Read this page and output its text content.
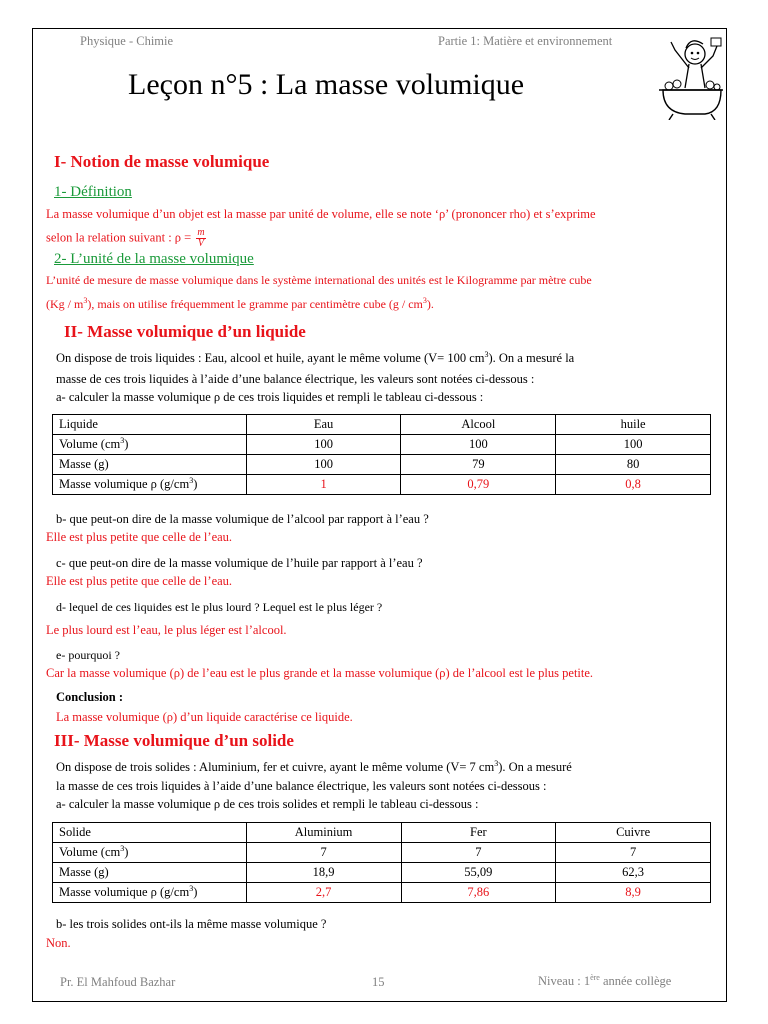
Physique - Chimie	Partie 1: Matière et environnement
Leçon n°5 : La masse volumique
I- Notion de masse volumique
1- Définition
La masse volumique d’un objet est la masse par unité de volume, elle se note ‘ρ’ (prononcer rho) et s’exprime
selon la relation suivant : $\rho = \frac{m}{V}$
2- L’unité de la masse volumique
L’unité de mesure de masse volumique dans le système international des unités est le Kilogramme par mètre cube
$(Kg / m^3)$, mais on utilise fréquemment le gramme par centimètre cube $(g / cm^3)$.
II- Masse volumique d’un liquide
On dispose de trois liquides : Eau, alcool et huile, ayant le même volume (V= 100 $cm^3$). On a mesuré la
masse de ces trois liquides à l’aide d’une balance électrique, les valeurs sont notées ci-dessous :
a- calculer la masse volumique ρ de ces trois liquides et rempli le tableau ci-dessous :
Liquide	Eau	Alcool	huile
Volume $(cm^3)$	100	100	100
Masse (g)	100	79	80
Masse volumique ρ $(g/cm^3)$	1	0,79	0,8
b- que peut-on dire de la masse volumique de l’alcool par rapport à l’eau ?
Elle est plus petite que celle de l’eau.
c- que peut-on dire de la masse volumique de l’huile par rapport à l’eau ?
Elle est plus petite que celle de l’eau.
d- lequel de ces liquides est le plus lourd ? Lequel est le plus léger ?
Le plus lourd est l’eau, le plus léger est l’alcool.
e- pourquoi ?
Car la masse volumique (ρ) de l’eau est le plus grande et la masse volumique (ρ) de l’alcool est le plus petite.
Conclusion :
La masse volumique (ρ) d’un liquide caractérise ce liquide.
III- Masse volumique d’un solide
On dispose de trois solides : Aluminium, fer et cuivre, ayant le même volume (V= 7 $cm^3$). On a mesuré
la masse de ces trois liquides à l’aide d’une balance électrique, les valeurs sont notées ci-dessous :
a- calculer la masse volumique ρ de ces trois solides et rempli le tableau ci-dessous :
Solide	Aluminium	Fer	Cuivre
Volume $(cm^3)$	7	7	7
Masse (g)	18,9	55,09	62,3
Masse volumique ρ $(g/cm^3)$	2,7	7,86	8,9
b- les trois solides ont-ils la même masse volumique ?
Non.
Pr. El Mahfoud Bazhar	15	Niveau : 1ère année collège
